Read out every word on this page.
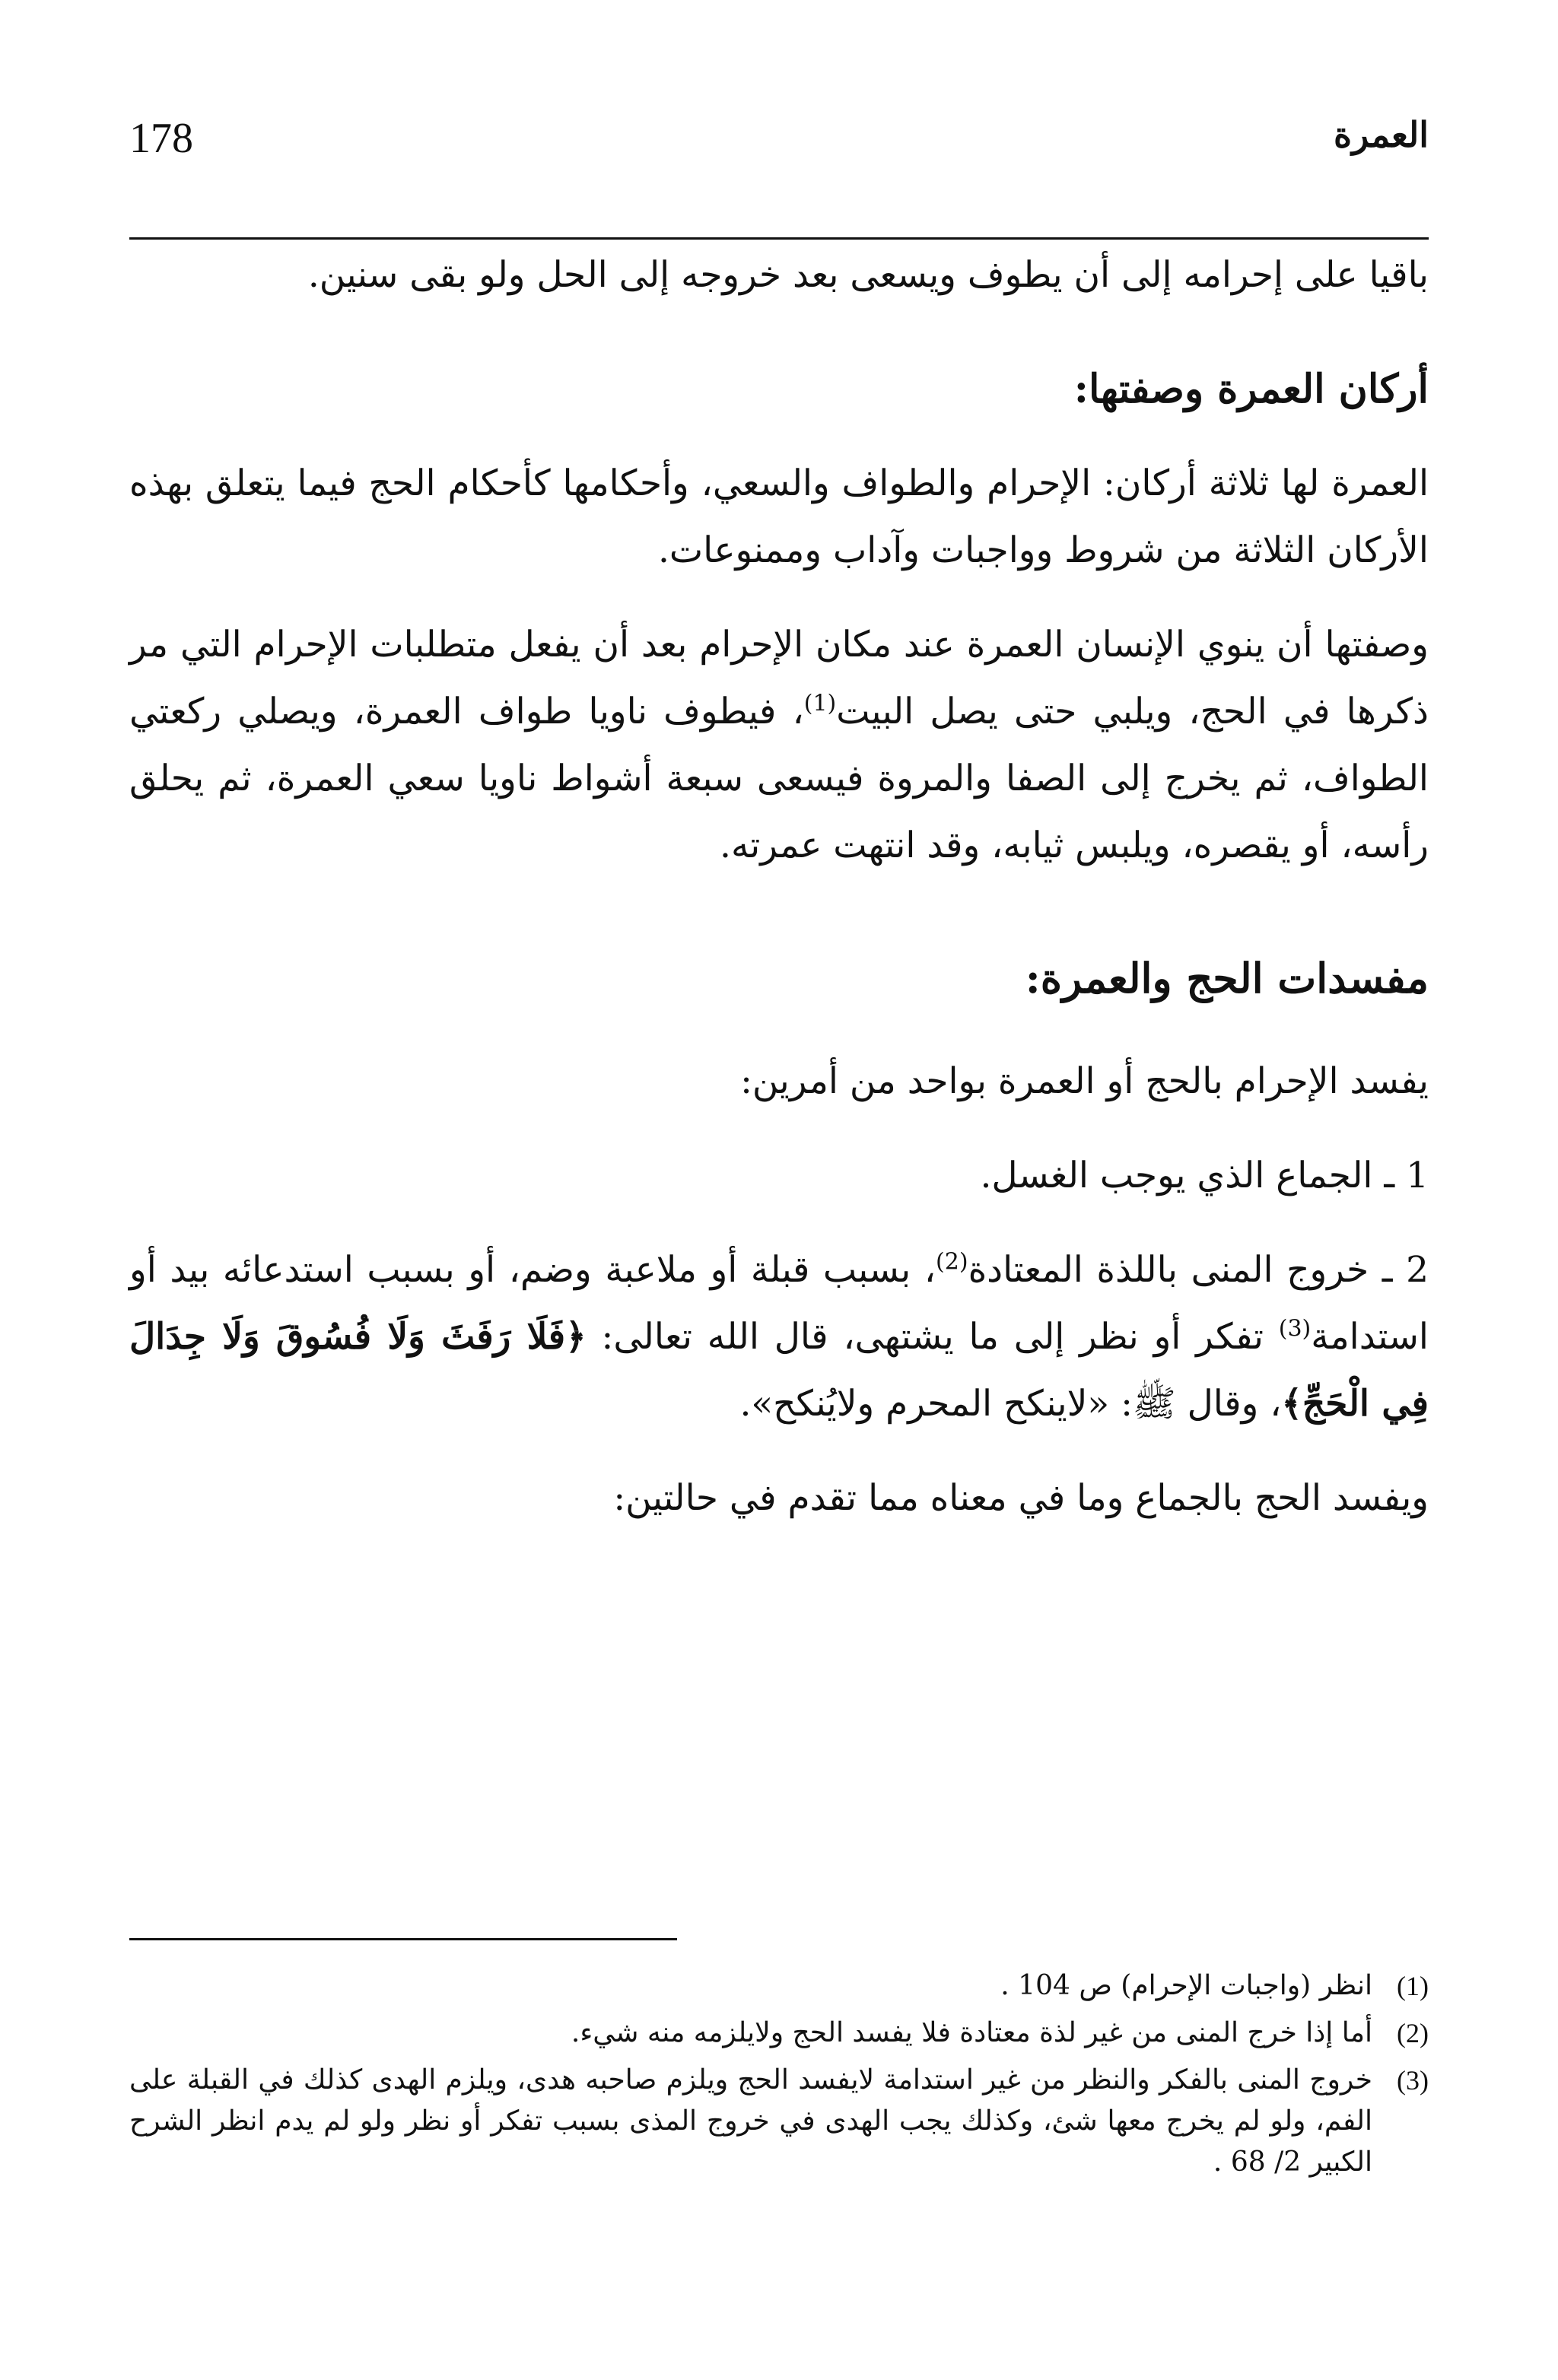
178	العمرة

باقيا على إحرامه إلى أن يطوف ويسعى بعد خروجه إلى الحل ولو بقى سنين.

أركان العمرة وصفتها:

العمرة لها ثلاثة أركان: الإحرام والطواف والسعي، وأحكامها كأحكام الحج فيما يتعلق بهذه الأركان الثلاثة من شروط وواجبات وآداب وممنوعات.

وصفتها أن ينوي الإنسان العمرة عند مكان الإحرام بعد أن يفعل متطلبات الإحرام التي مر ذكرها في الحج، ويلبي حتى يصل البيت$^{(1)}$، فيطوف ناويا طواف العمرة، ويصلي ركعتي الطواف، ثم يخرج إلى الصفا والمروة فيسعى سبعة أشواط ناويا سعي العمرة، ثم يحلق رأسه، أو يقصره، ويلبس ثيابه، وقد انتهت عمرته.

مفسدات الحج والعمرة:

يفسد الإحرام بالحج أو العمرة بواحد من أمرين:

1 ـ الجماع الذي يوجب الغسل.

2 ـ خروج المنى باللذة المعتادة$^{(2)}$، بسبب قبلة أو ملاعبة وضم، أو بسبب استدعائه بيد أو استدامة$^{(3)}$ تفكر أو نظر إلى ما يشتهى، قال الله تعالى: ﴿فَلَا رَفَثَ وَلَا فُسُوقَ وَلَا جِدَالَ فِي الْحَجِّ﴾، وقال ﷺ: «لاينكح المحرم ولايُنكح».

ويفسد الحج بالجماع وما في معناه مما تقدم في حالتين:

(1)
انظر (واجبات الإحرام) ص 104 .
(2)
أما إذا خرج المنى من غير لذة معتادة فلا يفسد الحج ولايلزمه منه شيء.
(3)
خروج المنى بالفكر والنظر من غير استدامة لايفسد الحج ويلزم صاحبه هدى، ويلزم الهدى كذلك في القبلة على الفم، ولو لم يخرج معها شئ، وكذلك يجب الهدى في خروج المذى بسبب تفكر أو نظر ولو لم يدم انظر الشرح الكبير 2/ 68 .
